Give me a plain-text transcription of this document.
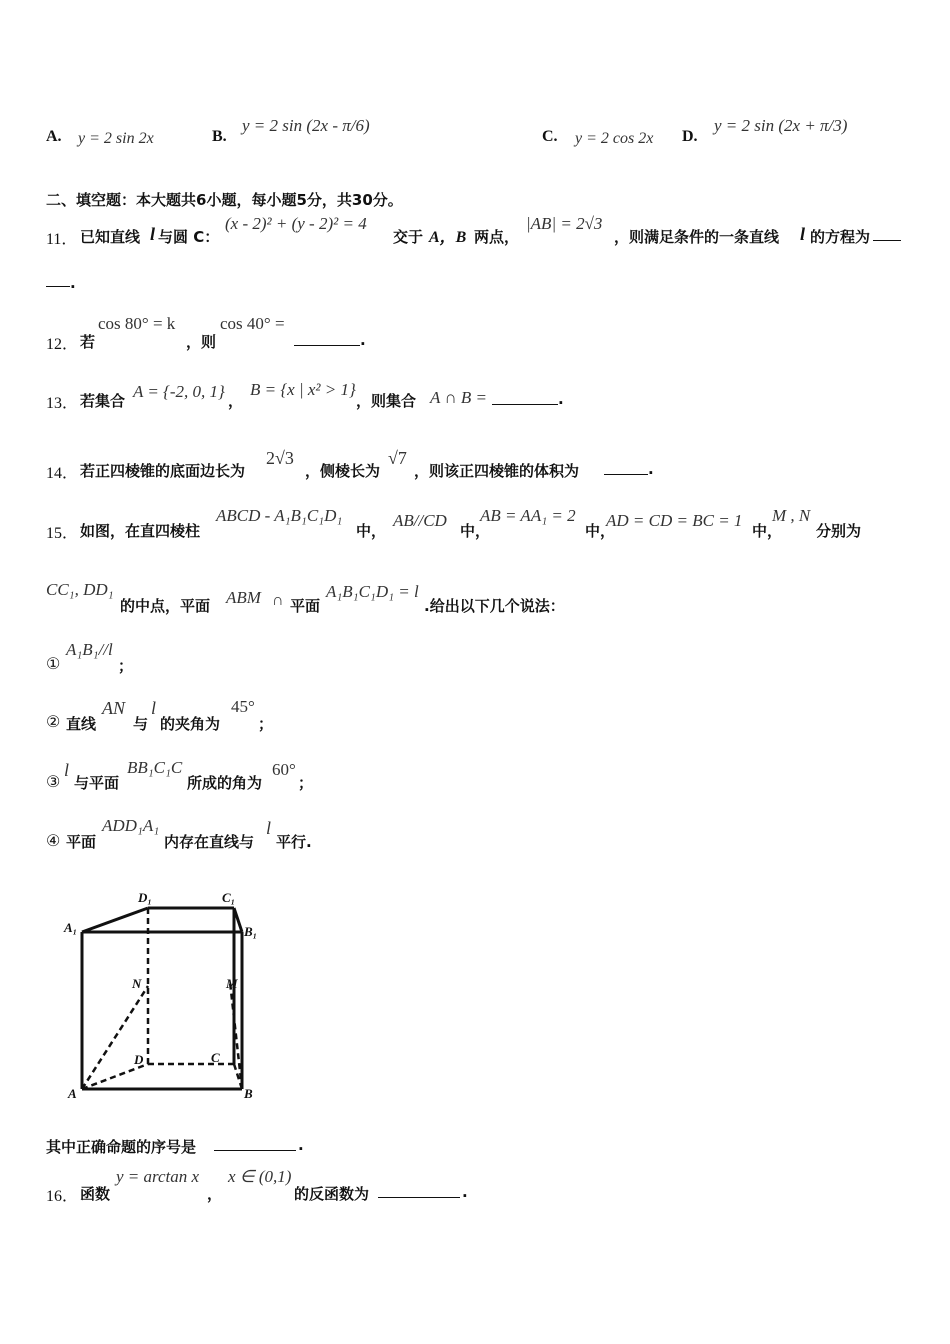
A. y = 2 sin 2x	B.
y = 2 sin (2x - π/6)
C. y = 2 cos 2x D.
y = 2 sin (2x + π/3)
二、填空题：本大题共6小题，每小题5分，共30分。
11． 已知直线 l 与圆 C：
(x - 2)² + (y - 2)² = 4
交于 A，B 两点，
|AB| = 2√3
，则满足条件的一条直线 l 的方程为
.
12． 若
cos 80° = k
，则
cos 40° =
.
13． 若集合 A = {-2, 0, 1} ，
B = {x | x² > 1}
，则集合 A ∩ B =	.
14． 若正四棱锥的底面边长为
2√3
，侧棱长为
√7
，则该正四棱锥的体积为	.
15． 如图，在直四棱柱
ABCD - A₁B₁C₁D₁
中，
AB//CD
中，
AB = AA₁ = 2
中，
AD = CD = BC = 1
中，
M , N
分别为
CC₁, DD₁
的中点，平面 ABM ∩ 平面
A₁B₁C₁D₁ = l
.给出以下几个说法：
①
A₁B₁//l
；
② 直线
AN
与
l
的夹角为
45°
；
③
l
与平面
BB₁C₁C
所成的角为
60°
；
④ 平面
ADD₁A₁
内存在直线与
l
平行.
A₁
D₁	C₁
B₁
N	M
D	C
A	B
其中正确命题的序号是	.
16． 函数
y = arctan x
，
x ∈ (0,1)
的反函数为	.
